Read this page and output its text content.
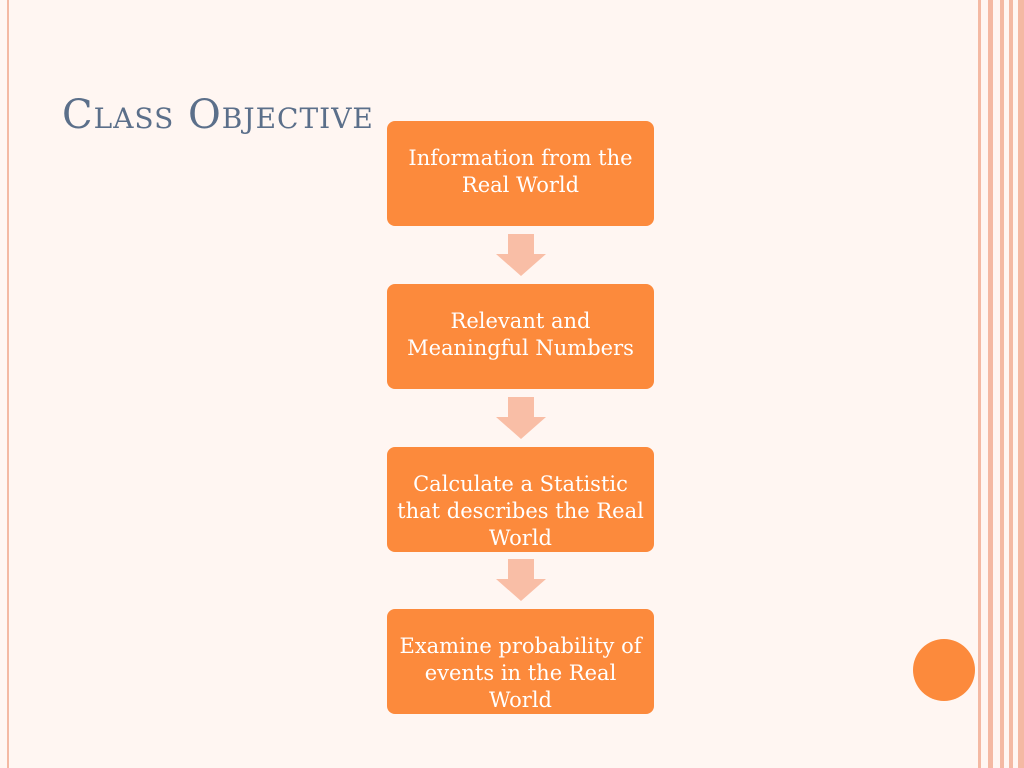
Class Objective
Information from the Real World
Relevant and Meaningful Numbers
Calculate a Statistic that describes the Real World
Examine probability of events in the Real World
